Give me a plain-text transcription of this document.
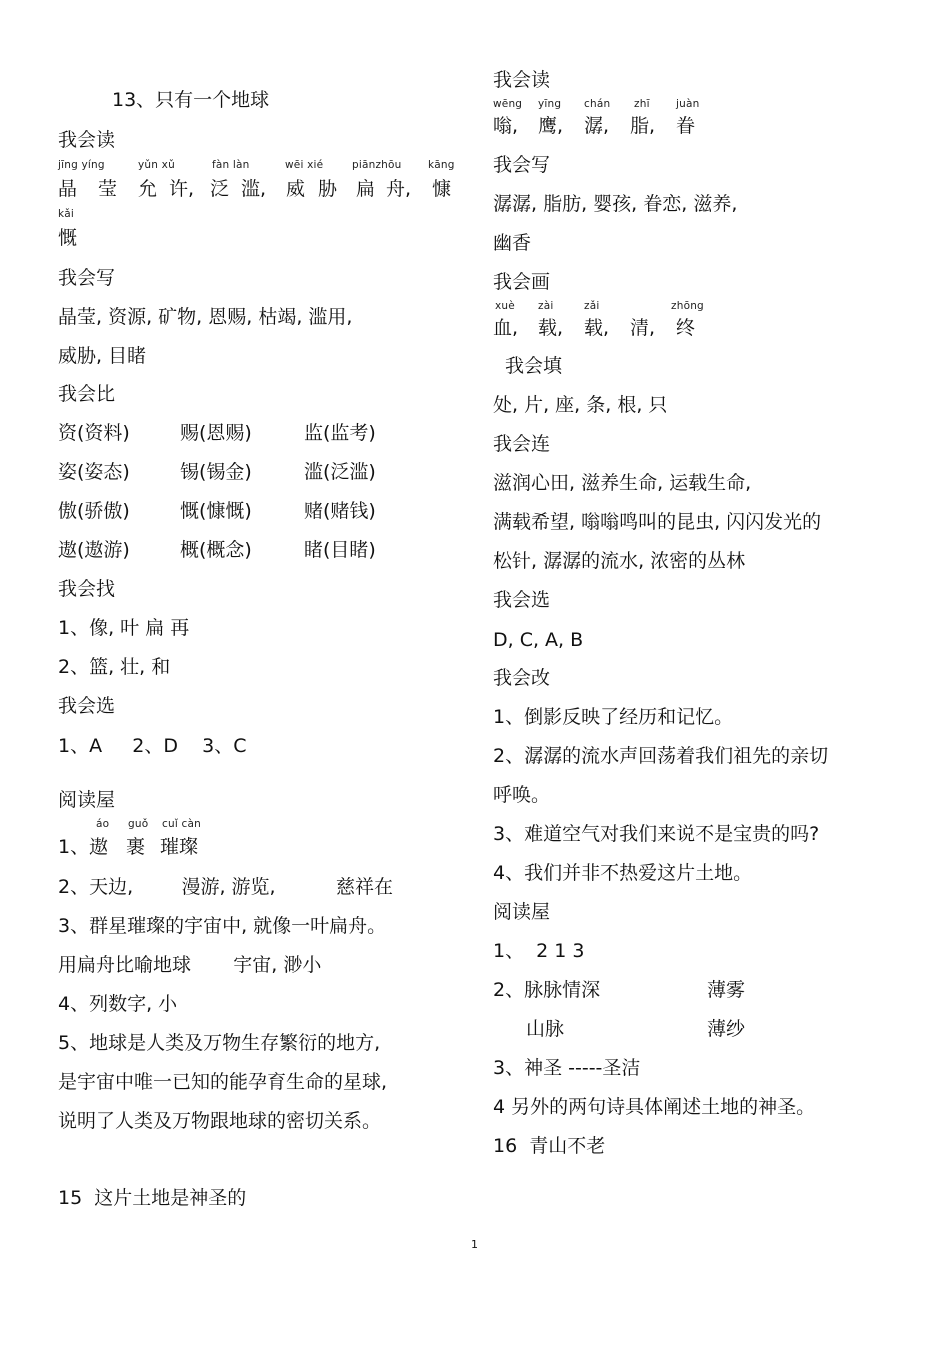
13、只有一个地球
我会读
jīng yíng	yǔn xǔ	fàn làn	wēi xié	piānzhōu	kāng
晶 莹 允 许, 泛 滥, 威 胁 扁 舟, 慷
kǎi
慨
我会写
晶莹, 资源, 矿物, 恩赐, 枯竭, 滥用,
威胁, 目睹
我会比
资(资料)	赐(恩赐)	监(监考)
姿(姿态)	锡(锡金)	滥(泛滥)
傲(骄傲)	慨(慷慨)	赌(赌钱)
遨(遨游)	概(概念)	睹(目睹)
我会找
1、像, 叶 扁 再
2、篮, 壮, 和
我会选
1、A     2、D    3、C
阅读屋
áo guǒ cuǐ càn
1、遨 裹 璀璨
2、天边,        漫游, 游览,          慈祥在
3、群星璀璨的宇宙中, 就像一叶扁舟。
用扁舟比喻地球       宇宙, 渺小
4、列数字, 小
5、地球是人类及万物生存繁衍的地方,
是宇宙中唯一已知的能孕育生命的星球,
说明了人类及万物跟地球的密切关系。
15  这片土地是神圣的
我会读
wēng yīng chán zhī	juàn
嗡, 鹰, 潺, 脂, 眷
我会写
潺潺, 脂肪, 婴孩, 眷恋, 滋养,
幽香
我会画
xuè zài	zǎi	zhōng
血, 载, 载, 清, 终
我会填
处, 片, 座, 条, 根, 只
我会连
滋润心田, 滋养生命, 运载生命,
满载希望, 嗡嗡鸣叫的昆虫, 闪闪发光的
松针, 潺潺的流水, 浓密的丛林
我会选
D, C, A, B
我会改
1、倒影反映了经历和记忆。
2、潺潺的流水声回荡着我们祖先的亲切
呼唤。
3、难道空气对我们来说不是宝贵的吗?
4、我们并非不热爱这片土地。
阅读屋
1、  2 1 3
2、脉脉情深	薄雾
山脉	薄纱
3、神圣 -----圣洁
4 另外的两句诗具体阐述土地的神圣。
16  青山不老
1
